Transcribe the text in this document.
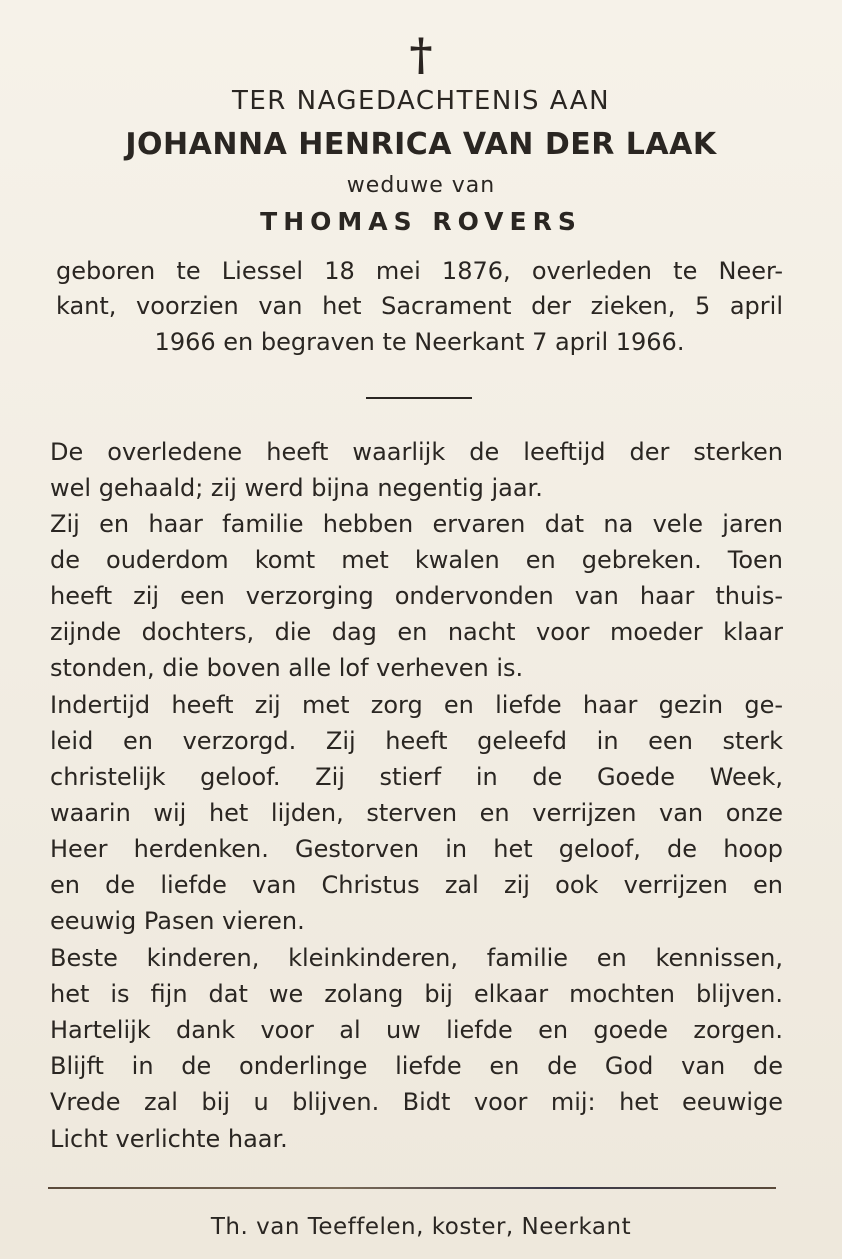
†
TER NAGEDACHTENIS AAN
JOHANNA HENRICA VAN DER LAAK
weduwe van
THOMAS ROVERS
geboren te Liessel 18 mei 1876, overleden te Neer-
kant, voorzien van het Sacrament der zieken, 5 april
1966 en begraven te Neerkant 7 april 1966.
De overledene heeft waarlijk de leeftijd der sterken
wel gehaald; zij werd bijna negentig jaar.
Zij en haar familie hebben ervaren dat na vele jaren
de ouderdom komt met kwalen en gebreken. Toen
heeft zij een verzorging ondervonden van haar thuis-
zijnde dochters, die dag en nacht voor moeder klaar
stonden, die boven alle lof verheven is.
Indertijd heeft zij met zorg en liefde haar gezin ge-
leid en verzorgd. Zij heeft geleefd in een sterk
christelijk geloof. Zij stierf in de Goede Week,
waarin wij het lijden, sterven en verrijzen van onze
Heer herdenken. Gestorven in het geloof, de hoop
en de liefde van Christus zal zij ook verrijzen en
eeuwig Pasen vieren.
Beste kinderen, kleinkinderen, familie en kennissen,
het is fijn dat we zolang bij elkaar mochten blijven.
Hartelijk dank voor al uw liefde en goede zorgen.
Blijft in de onderlinge liefde en de God van de
Vrede zal bij u blijven. Bidt voor mij: het eeuwige
Licht verlichte haar.
Th. van Teeffelen, koster, Neerkant
